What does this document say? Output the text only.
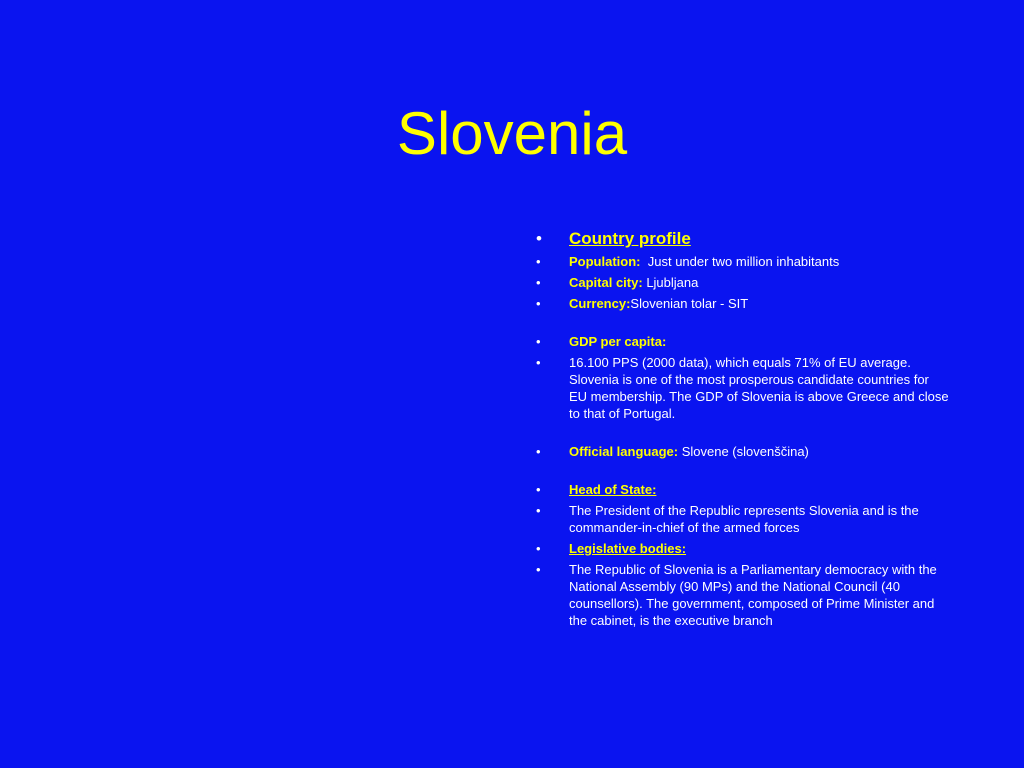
Slovenia
• Country profile
• Population: Just under two million inhabitants
• Capital city: Ljubljana
• Currency:Slovenian tolar - SIT
• GDP per capita:
• 16.100 PPS (2000 data), which equals 71% of EU average. Slovenia is one of the most prosperous candidate countries for EU membership. The GDP of Slovenia is above Greece and close to that of Portugal.
• Official language: Slovene (slovenščina)
• Head of State:
• The President of the Republic represents Slovenia and is the commander-in-chief of the armed forces
• Legislative bodies:
• The Republic of Slovenia is a Parliamentary democracy with the National Assembly (90 MPs) and the National Council (40 counsellors). The government, composed of Prime Minister and the cabinet, is the executive branch
